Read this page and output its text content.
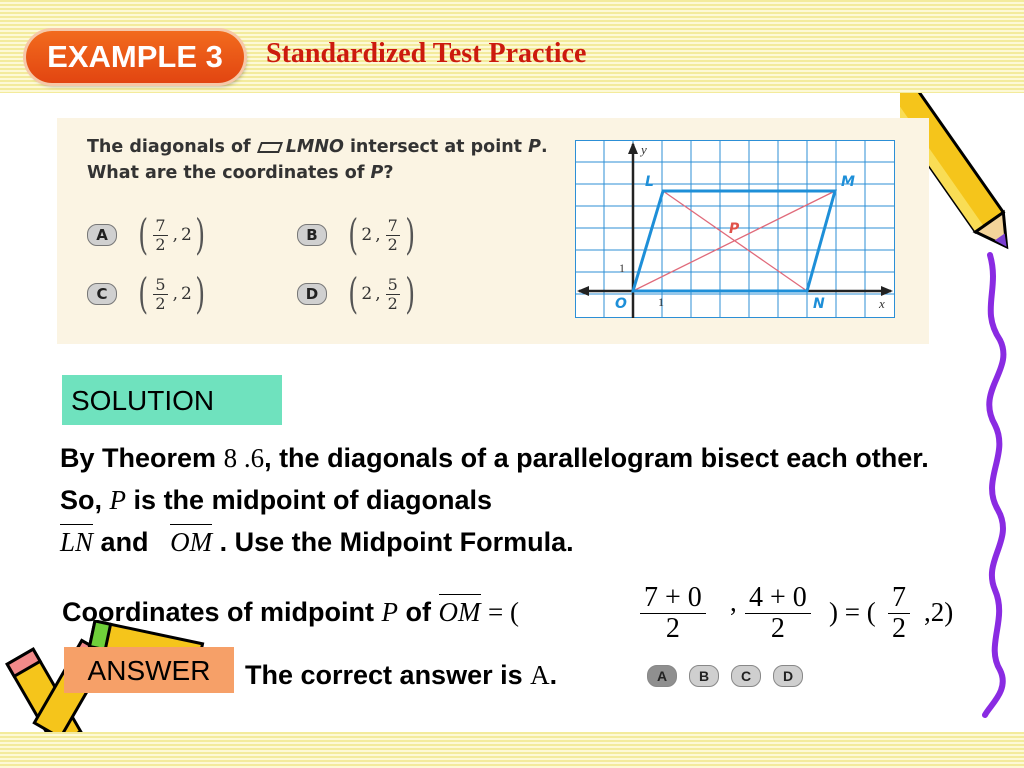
EXAMPLE 3	Standardized Test Practice
The diagonals of LMNO intersect at point P. What are the coordinates of P?
A ( $\frac{7}{2}$ , 2 )	B ( 2 , $\frac{7}{2}$ )
C ( $\frac{5}{2}$ , 2 )	D ( 2 , $\frac{5}{2}$ )
y
x
1
1
L	M
N
O
P
SOLUTION
By Theorem 8 .6, the diagonals of a parallelogram bisect each other. So, P is the midpoint of diagonals
LN and OM . Use the Midpoint Formula.
Coordinates of midpoint P of OM = (	7 + 0
2
, 4 + 0
2
) = ( 7
2
,2)
ANSWER	The correct answer is A.	A	B	C	D
